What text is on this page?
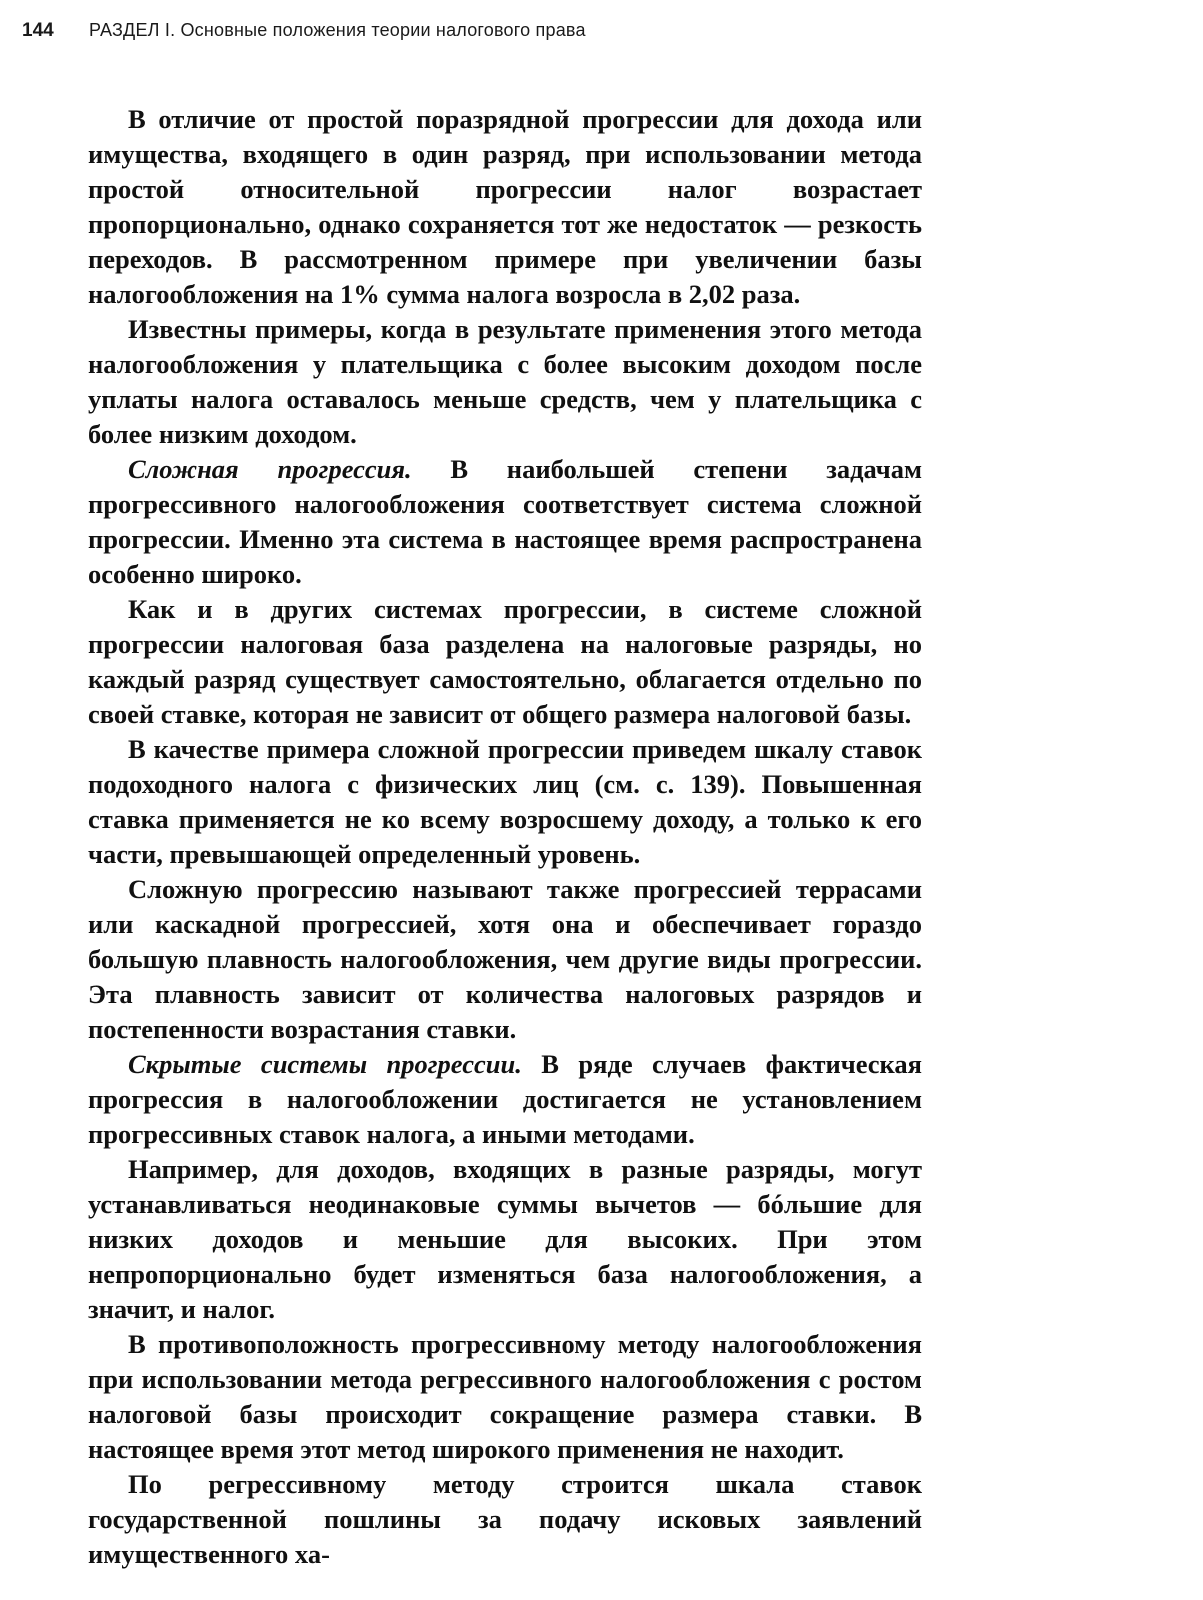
144 РАЗДЕЛ I. Основные положения теории налогового права

В отличие от простой поразрядной прогрессии для дохода или имущества, входящего в один разряд, при использовании метода простой относительной прогрессии налог возрастает пропорционально, однако сохраняется тот же недостаток — резкость переходов. В рассмотренном примере при увеличении базы налогообложения на 1% сумма налога возросла в 2,02 раза.

Известны примеры, когда в результате применения этого метода налогообложения у плательщика с более высоким доходом после уплаты налога оставалось меньше средств, чем у плательщика с более низким доходом.

Сложная прогрессия. В наибольшей степени задачам прогрессивного налогообложения соответствует система сложной прогрессии. Именно эта система в настоящее время распространена особенно широко.

Как и в других системах прогрессии, в системе сложной прогрессии налоговая база разделена на налоговые разряды, но каждый разряд существует самостоятельно, облагается отдельно по своей ставке, которая не зависит от общего размера налоговой базы.

В качестве примера сложной прогрессии приведем шкалу ставок подоходного налога с физических лиц (см. с. 139). Повышенная ставка применяется не ко всему возросшему доходу, а только к его части, превышающей определенный уровень.

Сложную прогрессию называют также прогрессией террасами или каскадной прогрессией, хотя она и обеспечивает гораздо большую плавность налогообложения, чем другие виды прогрессии. Эта плавность зависит от количества налоговых разрядов и постепенности возрастания ставки.

Скрытые системы прогрессии. В ряде случаев фактическая прогрессия в налогообложении достигается не установлением прогрессивных ставок налога, а иными методами.

Например, для доходов, входящих в разные разряды, могут устанавливаться неодинаковые суммы вычетов — бóльшие для низких доходов и меньшие для высоких. При этом непропорционально будет изменяться база налогообложения, а значит, и налог.

В противоположность прогрессивному методу налогообложения при использовании метода регрессивного налогообложения с ростом налоговой базы происходит сокращение размера ставки. В настоящее время этот метод широкого применения не находит.

По регрессивному методу строится шкала ставок государственной пошлины за подачу исковых заявлений имущественного ха-
